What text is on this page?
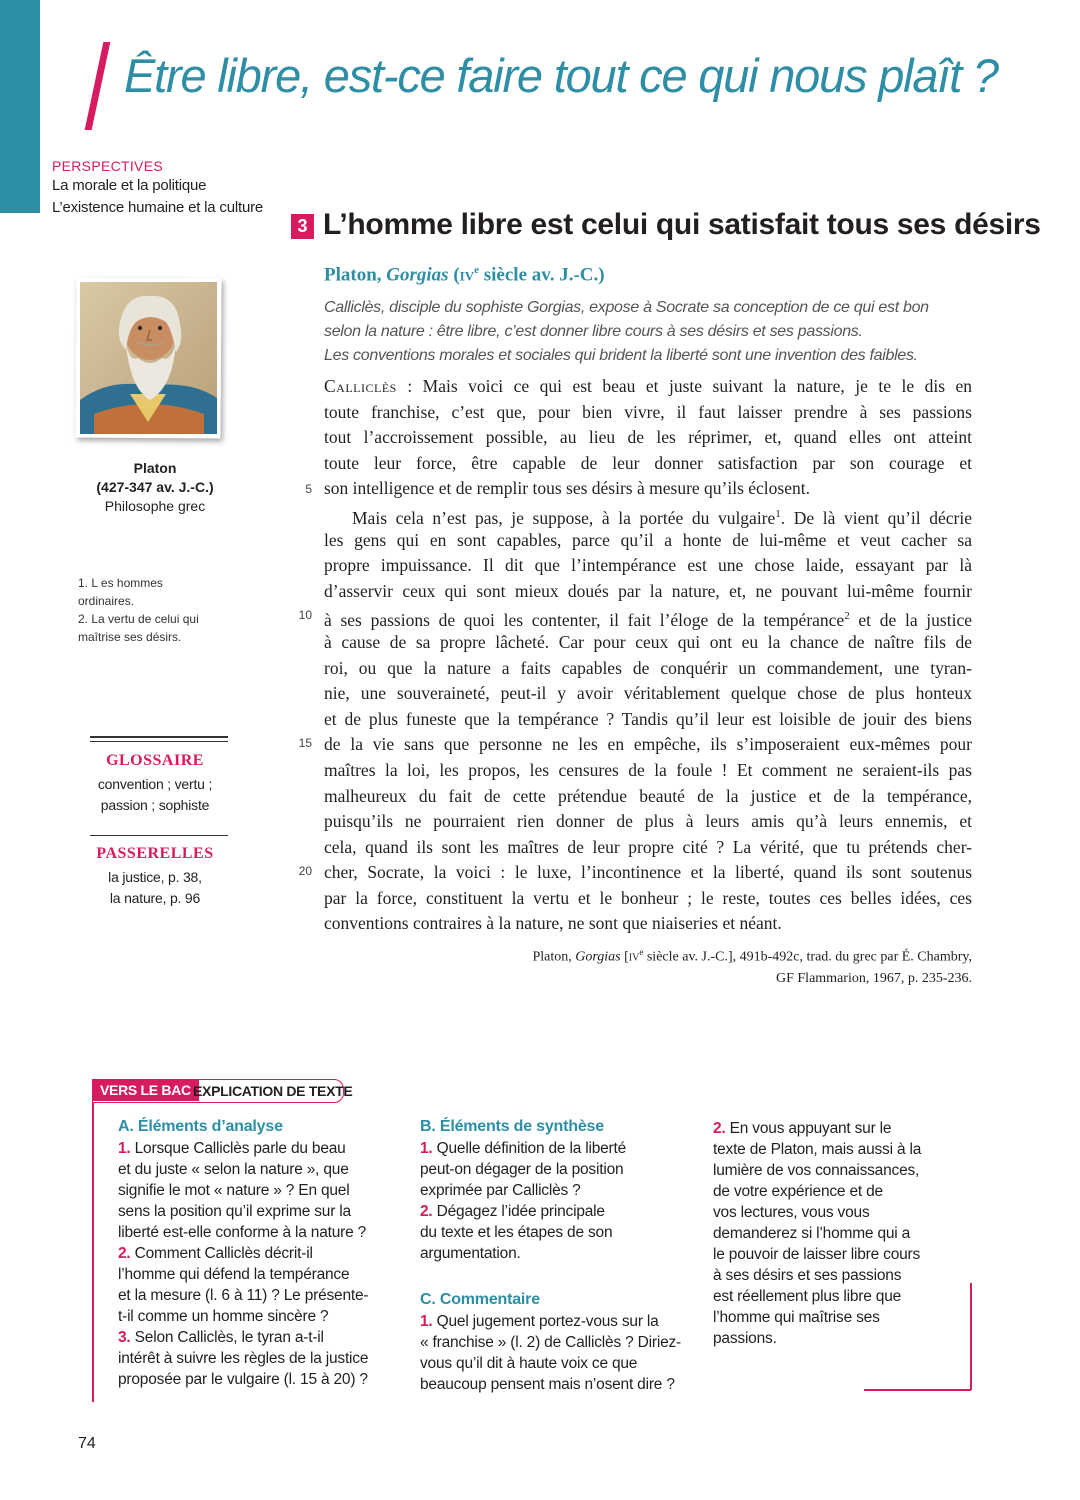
Être libre, est-ce faire tout ce qui nous plaît ?
PERSPECTIVES
La morale et la politique
L’existence humaine et la culture
3 L’homme libre est celui qui satisfait tous ses désirs
Platon, Gorgias ($iv^e$ siècle av. J.-C.)
Calliclès, disciple du sophiste Gorgias, expose à Socrate sa conception de ce qui est bon
selon la nature : être libre, c’est donner libre cours à ses désirs et ses passions.
Les conventions morales et sociales qui brident la liberté sont une invention des faibles.
Platon
(427-347 av. J.-C.)
Philosophe grec
1. L es hommes
ordinaires.
2. La vertu de celui qui
maîtrise ses désirs.
GLOSSAIRE
convention ; vertu ;
passion ; sophiste
PASSERELLES
la justice, p. 38,
la nature, p. 96
5
10
15
20
Calliclès : Mais voici ce qui est beau et juste suivant la nature, je te le dis en
toute franchise, c’est que, pour bien vivre, il faut laisser prendre à ses passions
tout l’accroissement possible, au lieu de les réprimer, et, quand elles ont atteint
toute leur force, être capable de leur donner satisfaction par son courage et
son intelligence et de remplir tous ses désirs à mesure qu’ils éclosent.
Mais cela n’est pas, je suppose, à la portée du vulgaire$^1$. De là vient qu’il décrie
les gens qui en sont capables, parce qu’il a honte de lui-même et veut cacher sa
propre impuissance. Il dit que l’intempérance est une chose laide, essayant par là
d’asservir ceux qui sont mieux doués par la nature, et, ne pouvant lui-même fournir
à ses passions de quoi les contenter, il fait l’éloge de la tempérance$^2$ et de la justice
à cause de sa propre lâcheté. Car pour ceux qui ont eu la chance de naître fils de
roi, ou que la nature a faits capables de conquérir un commandement, une tyran-
nie, une souveraineté, peut-il y avoir véritablement quelque chose de plus honteux
et de plus funeste que la tempérance ? Tandis qu’il leur est loisible de jouir des biens
de la vie sans que personne ne les en empêche, ils s’imposeraient eux-mêmes pour
maîtres la loi, les propos, les censures de la foule ! Et comment ne seraient-ils pas
malheureux du fait de cette prétendue beauté de la justice et de la tempérance,
puisqu’ils ne pourraient rien donner de plus à leurs amis qu’à leurs ennemis, et
cela, quand ils sont les maîtres de leur propre cité ? La vérité, que tu prétends cher-
cher, Socrate, la voici : le luxe, l’incontinence et la liberté, quand ils sont soutenus
par la force, constituent la vertu et le bonheur ; le reste, toutes ces belles idées, ces
conventions contraires à la nature, ne sont que niaiseries et néant.
Platon, Gorgias [$iv^e$ siècle av. J.-C.], 491b-492c, trad. du grec par É. Chambry,
GF Flammarion, 1967, p. 235-236.
VERS LE BAC EXPLICATION DE TEXTE
A. Éléments d’analyse
1. Lorsque Calliclès parle du beau
et du juste « selon la nature », que
signifie le mot « nature » ? En quel
sens la position qu’il exprime sur la
liberté est-elle conforme à la nature ?
2. Comment Calliclès décrit-il
l’homme qui défend la tempérance
et la mesure (l. 6 à 11) ? Le présente-
t-il comme un homme sincère ?
3. Selon Calliclès, le tyran a-t-il
intérêt à suivre les règles de la justice
proposée par le vulgaire (l. 15 à 20) ?
B. Éléments de synthèse
1. Quelle définition de la liberté
peut-on dégager de la position
exprimée par Calliclès ?
2. Dégagez l’idée principale
du texte et les étapes de son
argumentation.
C. Commentaire
1. Quel jugement portez-vous sur la
« franchise » (l. 2) de Calliclès ? Diriez-
vous qu’il dit à haute voix ce que
beaucoup pensent mais n’osent dire ?
2. En vous appuyant sur le
texte de Platon, mais aussi à la
lumière de vos connaissances,
de votre expérience et de
vos lectures, vous vous
demanderez si l’homme qui a
le pouvoir de laisser libre cours
à ses désirs et ses passions
est réellement plus libre que
l’homme qui maîtrise ses
passions.
74
